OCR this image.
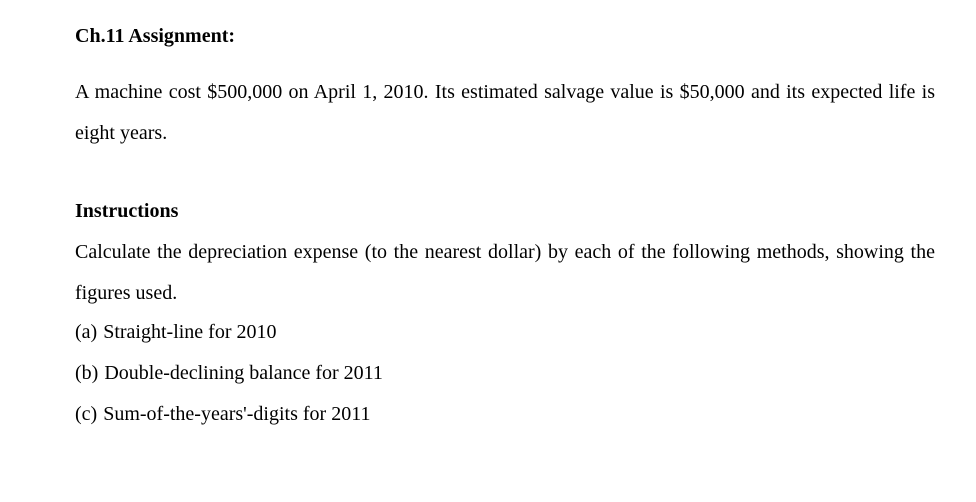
Ch.11 Assignment:
A machine cost $500,000 on April 1, 2010. Its estimated salvage value is $50,000 and its expected life is eight years.
Instructions
Calculate the depreciation expense (to the nearest dollar) by each of the following methods, showing the figures used.
(a) Straight-line for 2010
(b) Double-declining balance for 2011
(c) Sum-of-the-years'-digits for 2011
